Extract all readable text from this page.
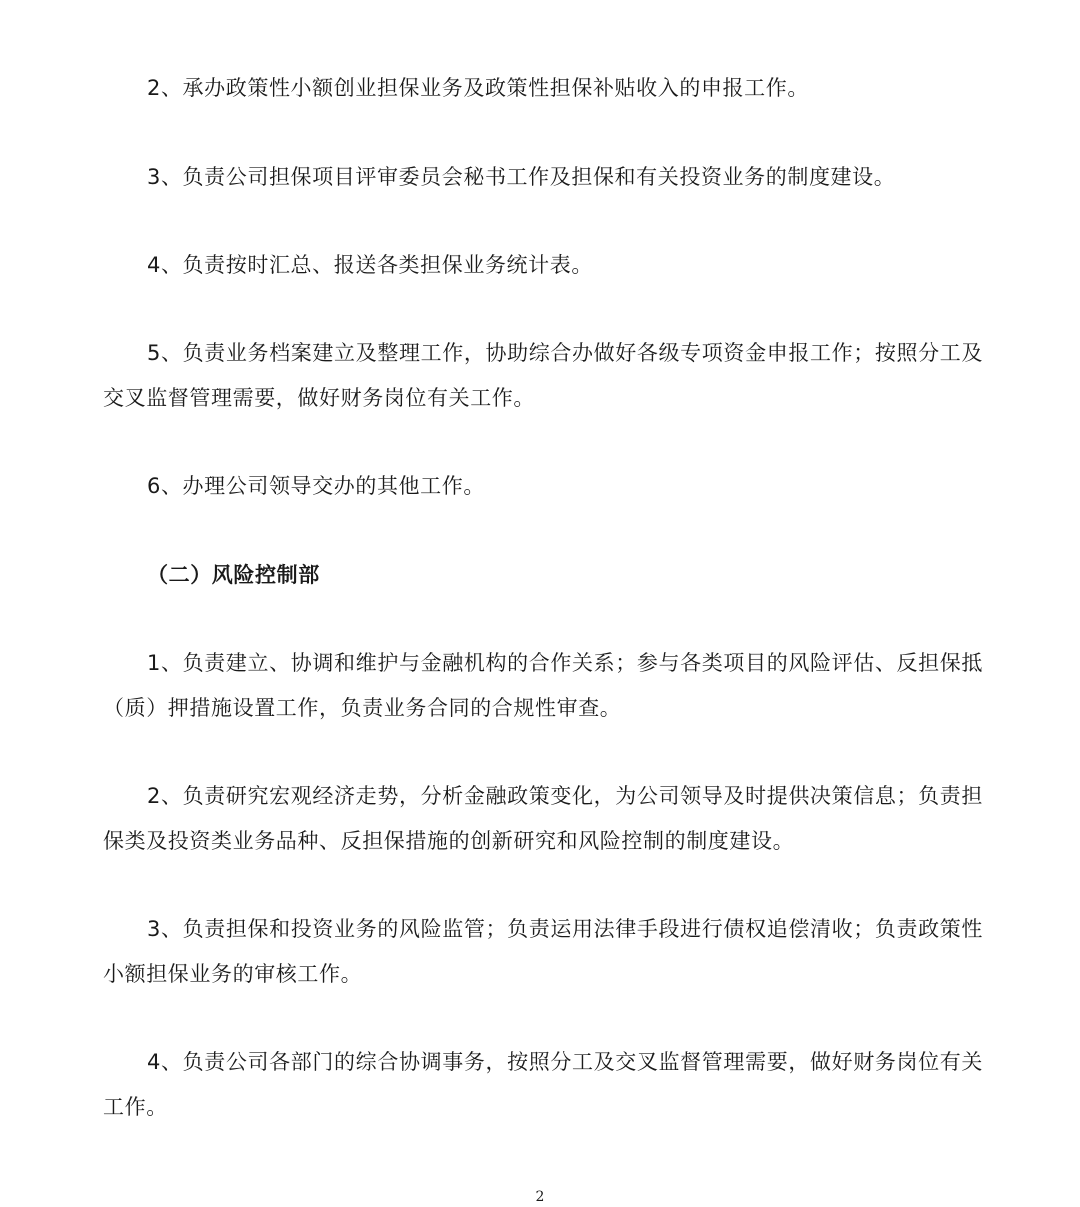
2、承办政策性小额创业担保业务及政策性担保补贴收入的申报工作。

3、负责公司担保项目评审委员会秘书工作及担保和有关投资业务的制度建设。

4、负责按时汇总、报送各类担保业务统计表。

5、负责业务档案建立及整理工作，协助综合办做好各级专项资金申报工作；按照分工及交叉监督管理需要，做好财务岗位有关工作。

6、办理公司领导交办的其他工作。

（二）风险控制部

1、负责建立、协调和维护与金融机构的合作关系；参与各类项目的风险评估、反担保抵（质）押措施设置工作，负责业务合同的合规性审查。

2、负责研究宏观经济走势，分析金融政策变化，为公司领导及时提供决策信息；负责担保类及投资类业务品种、反担保措施的创新研究和风险控制的制度建设。

3、负责担保和投资业务的风险监管；负责运用法律手段进行债权追偿清收；负责政策性小额担保业务的审核工作。

4、负责公司各部门的综合协调事务，按照分工及交叉监督管理需要，做好财务岗位有关工作。

2
